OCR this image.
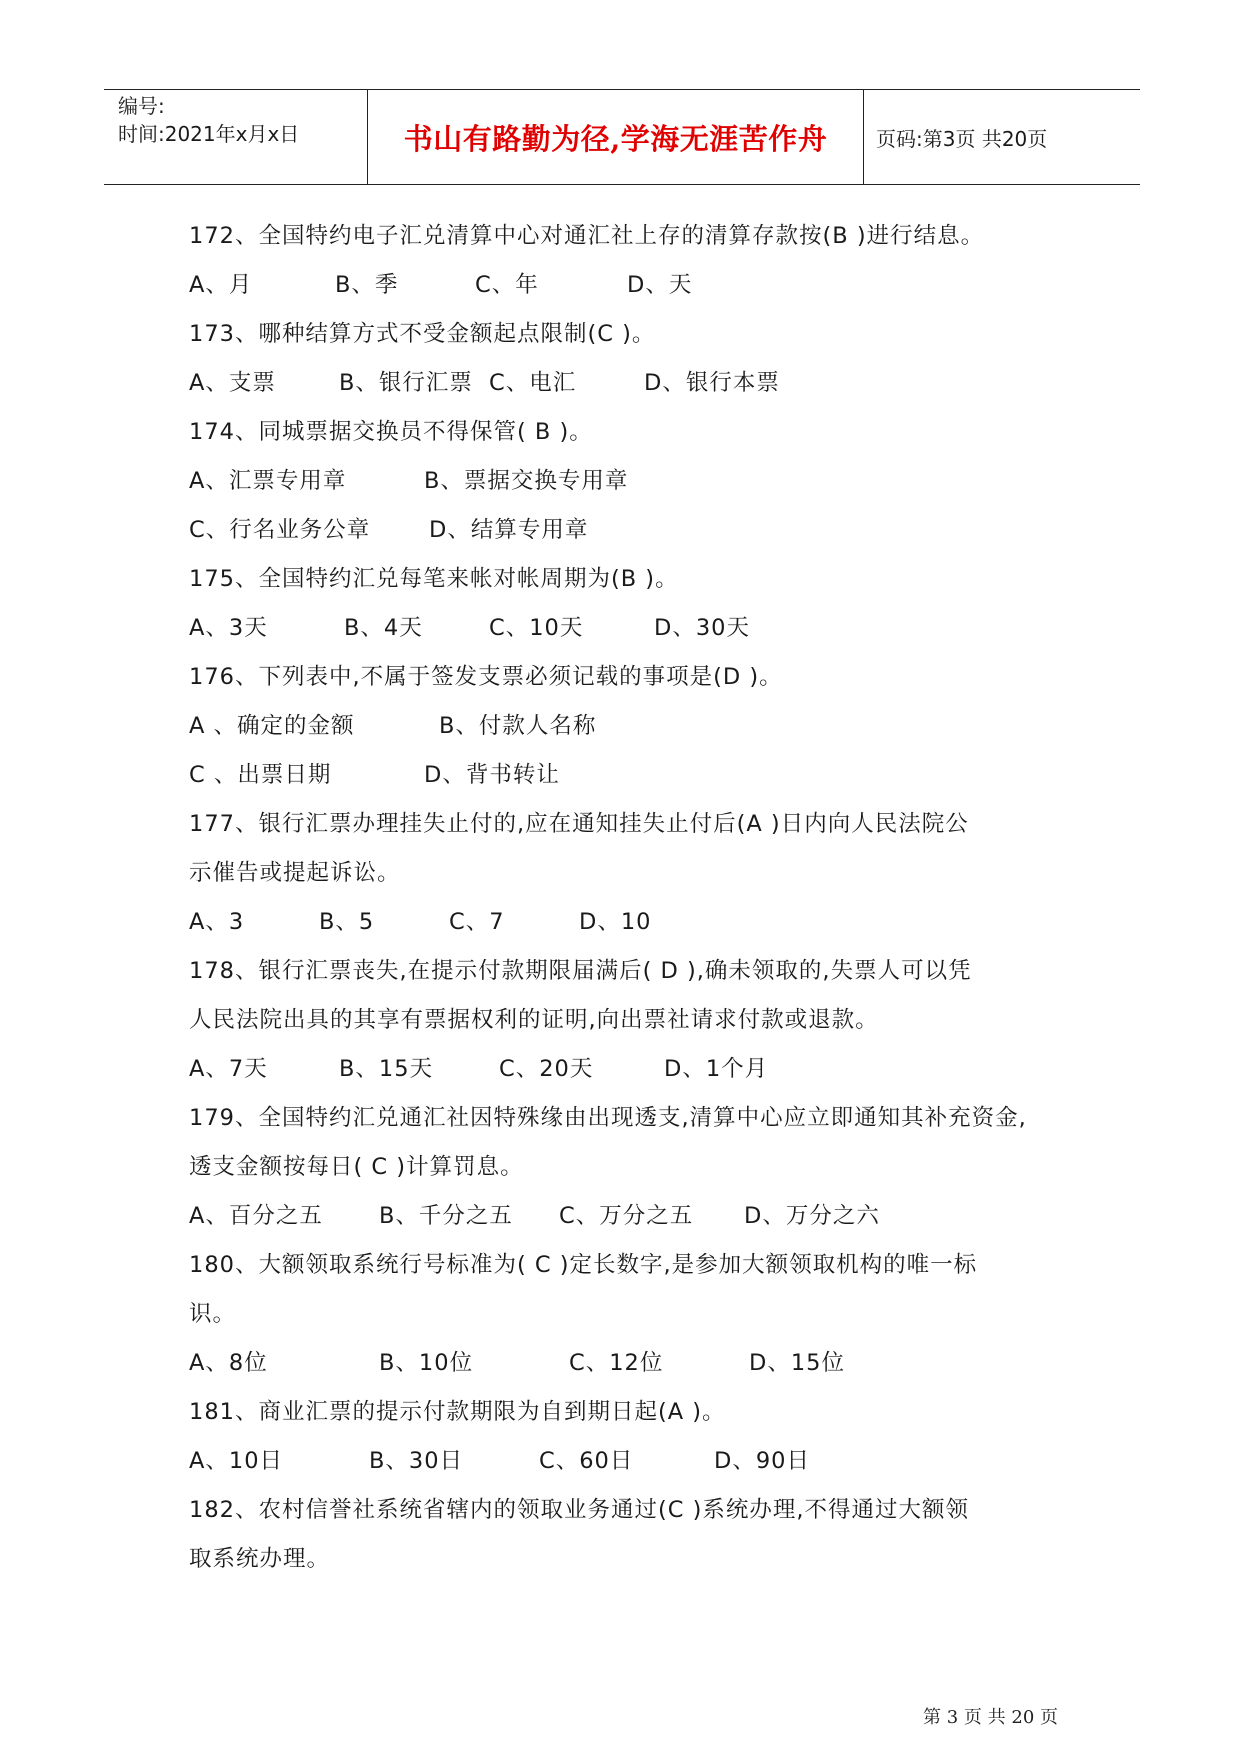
编号:
时间:2021年x月x日	书山有路勤为径,学海无涯苦作舟 页码:第3页 共20页
172、全国特约电子汇兑清算中心对通汇社上存的清算存款按(B )进行结息。
A、月	B、季	C、年	D、天
173、哪种结算方式不受金额起点限制(C )。
A、支票	B、银行汇票 C、电汇	D、银行本票
174、同城票据交换员不得保管( B )。
A、汇票专用章	B、票据交换专用章
C、行名业务公章	D、结算专用章
175、全国特约汇兑每笔来帐对帐周期为(B )。
A、3天	B、4天	C、10天	D、30天
176、下列表中,不属于签发支票必须记载的事项是(D )。
A 、确定的金额	B、付款人名称
C 、出票日期	D、背书转让
177、银行汇票办理挂失止付的,应在通知挂失止付后(A )日内向人民法院公
示催告或提起诉讼。
A、3	B、5	C、7	D、10
178、银行汇票丧失,在提示付款期限届满后( D ),确未领取的,失票人可以凭
人民法院出具的其享有票据权利的证明,向出票社请求付款或退款。
A、7天	B、15天	C、20天	D、1个月
179、全国特约汇兑通汇社因特殊缘由出现透支,清算中心应立即通知其补充资金,
透支金额按每日( C )计算罚息。
A、百分之五	B、千分之五	C、万分之五	D、万分之六
180、大额领取系统行号标准为( C )定长数字,是参加大额领取机构的唯一标
识。
A、8位	B、10位	C、12位	D、15位
181、商业汇票的提示付款期限为自到期日起(A )。
A、10日	B、30日	C、60日	D、90日
182、农村信誉社系统省辖内的领取业务通过(C )系统办理,不得通过大额领
取系统办理。
第 3 页 共 20 页
